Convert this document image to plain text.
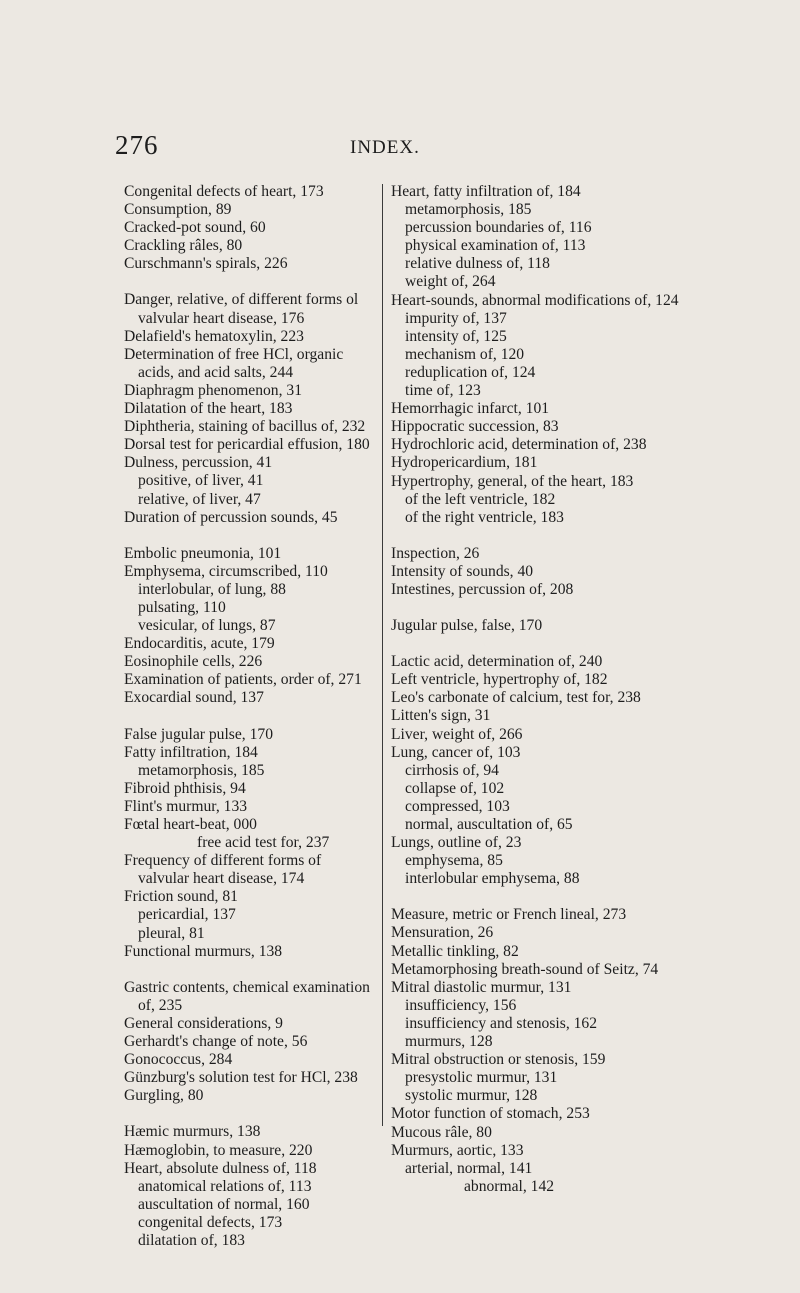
276	INDEX.
Congenital defects of heart, 173
Consumption, 89
Cracked-pot sound, 60
Crackling râles, 80
Curschmann's spirals, 226
Danger, relative, of different forms ol valvular heart disease, 176
Delafield's hematoxylin, 223
Determination of free HCl, organic acids, and acid salts, 244
Diaphragm phenomenon, 31
Dilatation of the heart, 183
Diphtheria, staining of bacillus of, 232
Dorsal test for pericardial effusion, 180
Dulness, percussion, 41
positive, of liver, 41
relative, of liver, 47
Duration of percussion sounds, 45
Embolic pneumonia, 101
Emphysema, circumscribed, 110
interlobular, of lung, 88
pulsating, 110
vesicular, of lungs, 87
Endocarditis, acute, 179
Eosinophile cells, 226
Examination of patients, order of, 271
Exocardial sound, 137
False jugular pulse, 170
Fatty infiltration, 184
metamorphosis, 185
Fibroid phthisis, 94
Flint's murmur, 133
Fœtal heart-beat, 000
free acid test for, 237
Frequency of different forms of valvular heart disease, 174
Friction sound, 81
pericardial, 137
pleural, 81
Functional murmurs, 138
Gastric contents, chemical examination of, 235
General considerations, 9
Gerhardt's change of note, 56
Gonococcus, 284
Günzburg's solution test for HCl, 238
Gurgling, 80
Hæmic murmurs, 138
Hæmoglobin, to measure, 220
Heart, absolute dulness of, 118
anatomical relations of, 113
auscultation of normal, 160
congenital defects, 173
dilatation of, 183
Heart, fatty infiltration of, 184
metamorphosis, 185
percussion boundaries of, 116
physical examination of, 113
relative dulness of, 118
weight of, 264
Heart-sounds, abnormal modifications of, 124
impurity of, 137
intensity of, 125
mechanism of, 120
reduplication of, 124
time of, 123
Hemorrhagic infarct, 101
Hippocratic succession, 83
Hydrochloric acid, determination of, 238
Hydropericardium, 181
Hypertrophy, general, of the heart, 183
of the left ventricle, 182
of the right ventricle, 183
Inspection, 26
Intensity of sounds, 40
Intestines, percussion of, 208
Jugular pulse, false, 170
Lactic acid, determination of, 240
Left ventricle, hypertrophy of, 182
Leo's carbonate of calcium, test for, 238
Litten's sign, 31
Liver, weight of, 266
Lung, cancer of, 103
cirrhosis of, 94
collapse of, 102
compressed, 103
normal, auscultation of, 65
Lungs, outline of, 23
emphysema, 85
interlobular emphysema, 88
Measure, metric or French lineal, 273
Mensuration, 26
Metallic tinkling, 82
Metamorphosing breath-sound of Seitz, 74
Mitral diastolic murmur, 131
insufficiency, 156
insufficiency and stenosis, 162
murmurs, 128
Mitral obstruction or stenosis, 159
presystolic murmur, 131
systolic murmur, 128
Motor function of stomach, 253
Mucous râle, 80
Murmurs, aortic, 133
arterial, normal, 141
abnormal, 142
